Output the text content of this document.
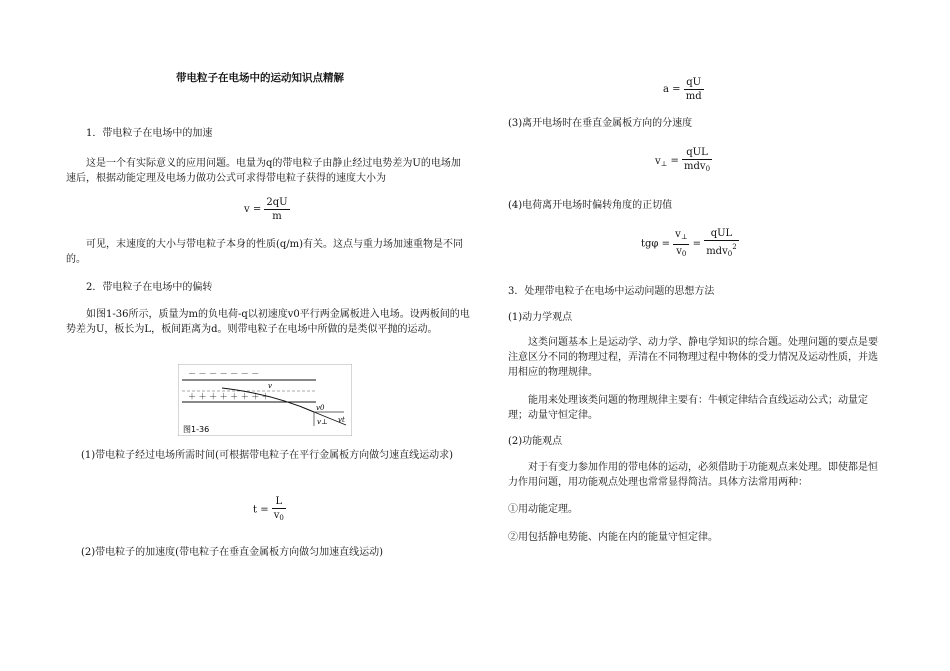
带电粒子在电场中的运动知识点精解
1．带电粒子在电场中的加速

这是一个有实际意义的应用问题。电量为q的带电粒子由静止经过电势差为U的电场加速后，根据动能定理及电场力做功公式可求得带电粒子获得的速度大小为

$v = \frac{2qU}{m}$

可见，末速度的大小与带电粒子本身的性质(q/m)有关。这点与重力场加速重物是不同的。

2．带电粒子在电场中的偏转

如图1-36所示，质量为m的负电荷-q以初速度v0平行两金属板进入电场。设两板间的电势差为U，板长为L，板间距离为d。则带电粒子在电场中所做的是类似平抛的运动。

－ － － － － － －
＋ ＋ ＋ ＋ ＋ ＋ ＋ ＋
v
v0
vt
v⊥
图1-36

(1)带电粒子经过电场所需时间(可根据带电粒子在平行金属板方向做匀速直线运动求)

$t = \frac{L}{v_0}$

(2)带电粒子的加速度(带电粒子在垂直金属板方向做匀加速直线运动)

$a = \frac{qU}{md}$
(3)离开电场时在垂直金属板方向的分速度
$v_\perp = \frac{\text{qUL}}{mdv_0}$
(4)电荷离开电场时偏转角度的正切值
$tg\varphi = \frac{v_\perp}{v_0} = \frac{\text{qUL}}{mdv_0^2}$
3．处理带电粒子在电场中运动问题的思想方法
(1)动力学观点

这类问题基本上是运动学、动力学、静电学知识的综合题。处理问题的要点是要注意区分不同的物理过程，弄清在不同物理过程中物体的受力情况及运动性质，并选用相应的物理规律。

能用来处理该类问题的物理规律主要有：牛顿定律结合直线运动公式；动量定理；动量守恒定律。

(2)功能观点

对于有变力参加作用的带电体的运动，必须借助于功能观点来处理。即使都是恒力作用问题，用功能观点处理也常常显得简洁。具体方法常用两种：

①用动能定理。
②用包括静电势能、内能在内的能量守恒定律。
